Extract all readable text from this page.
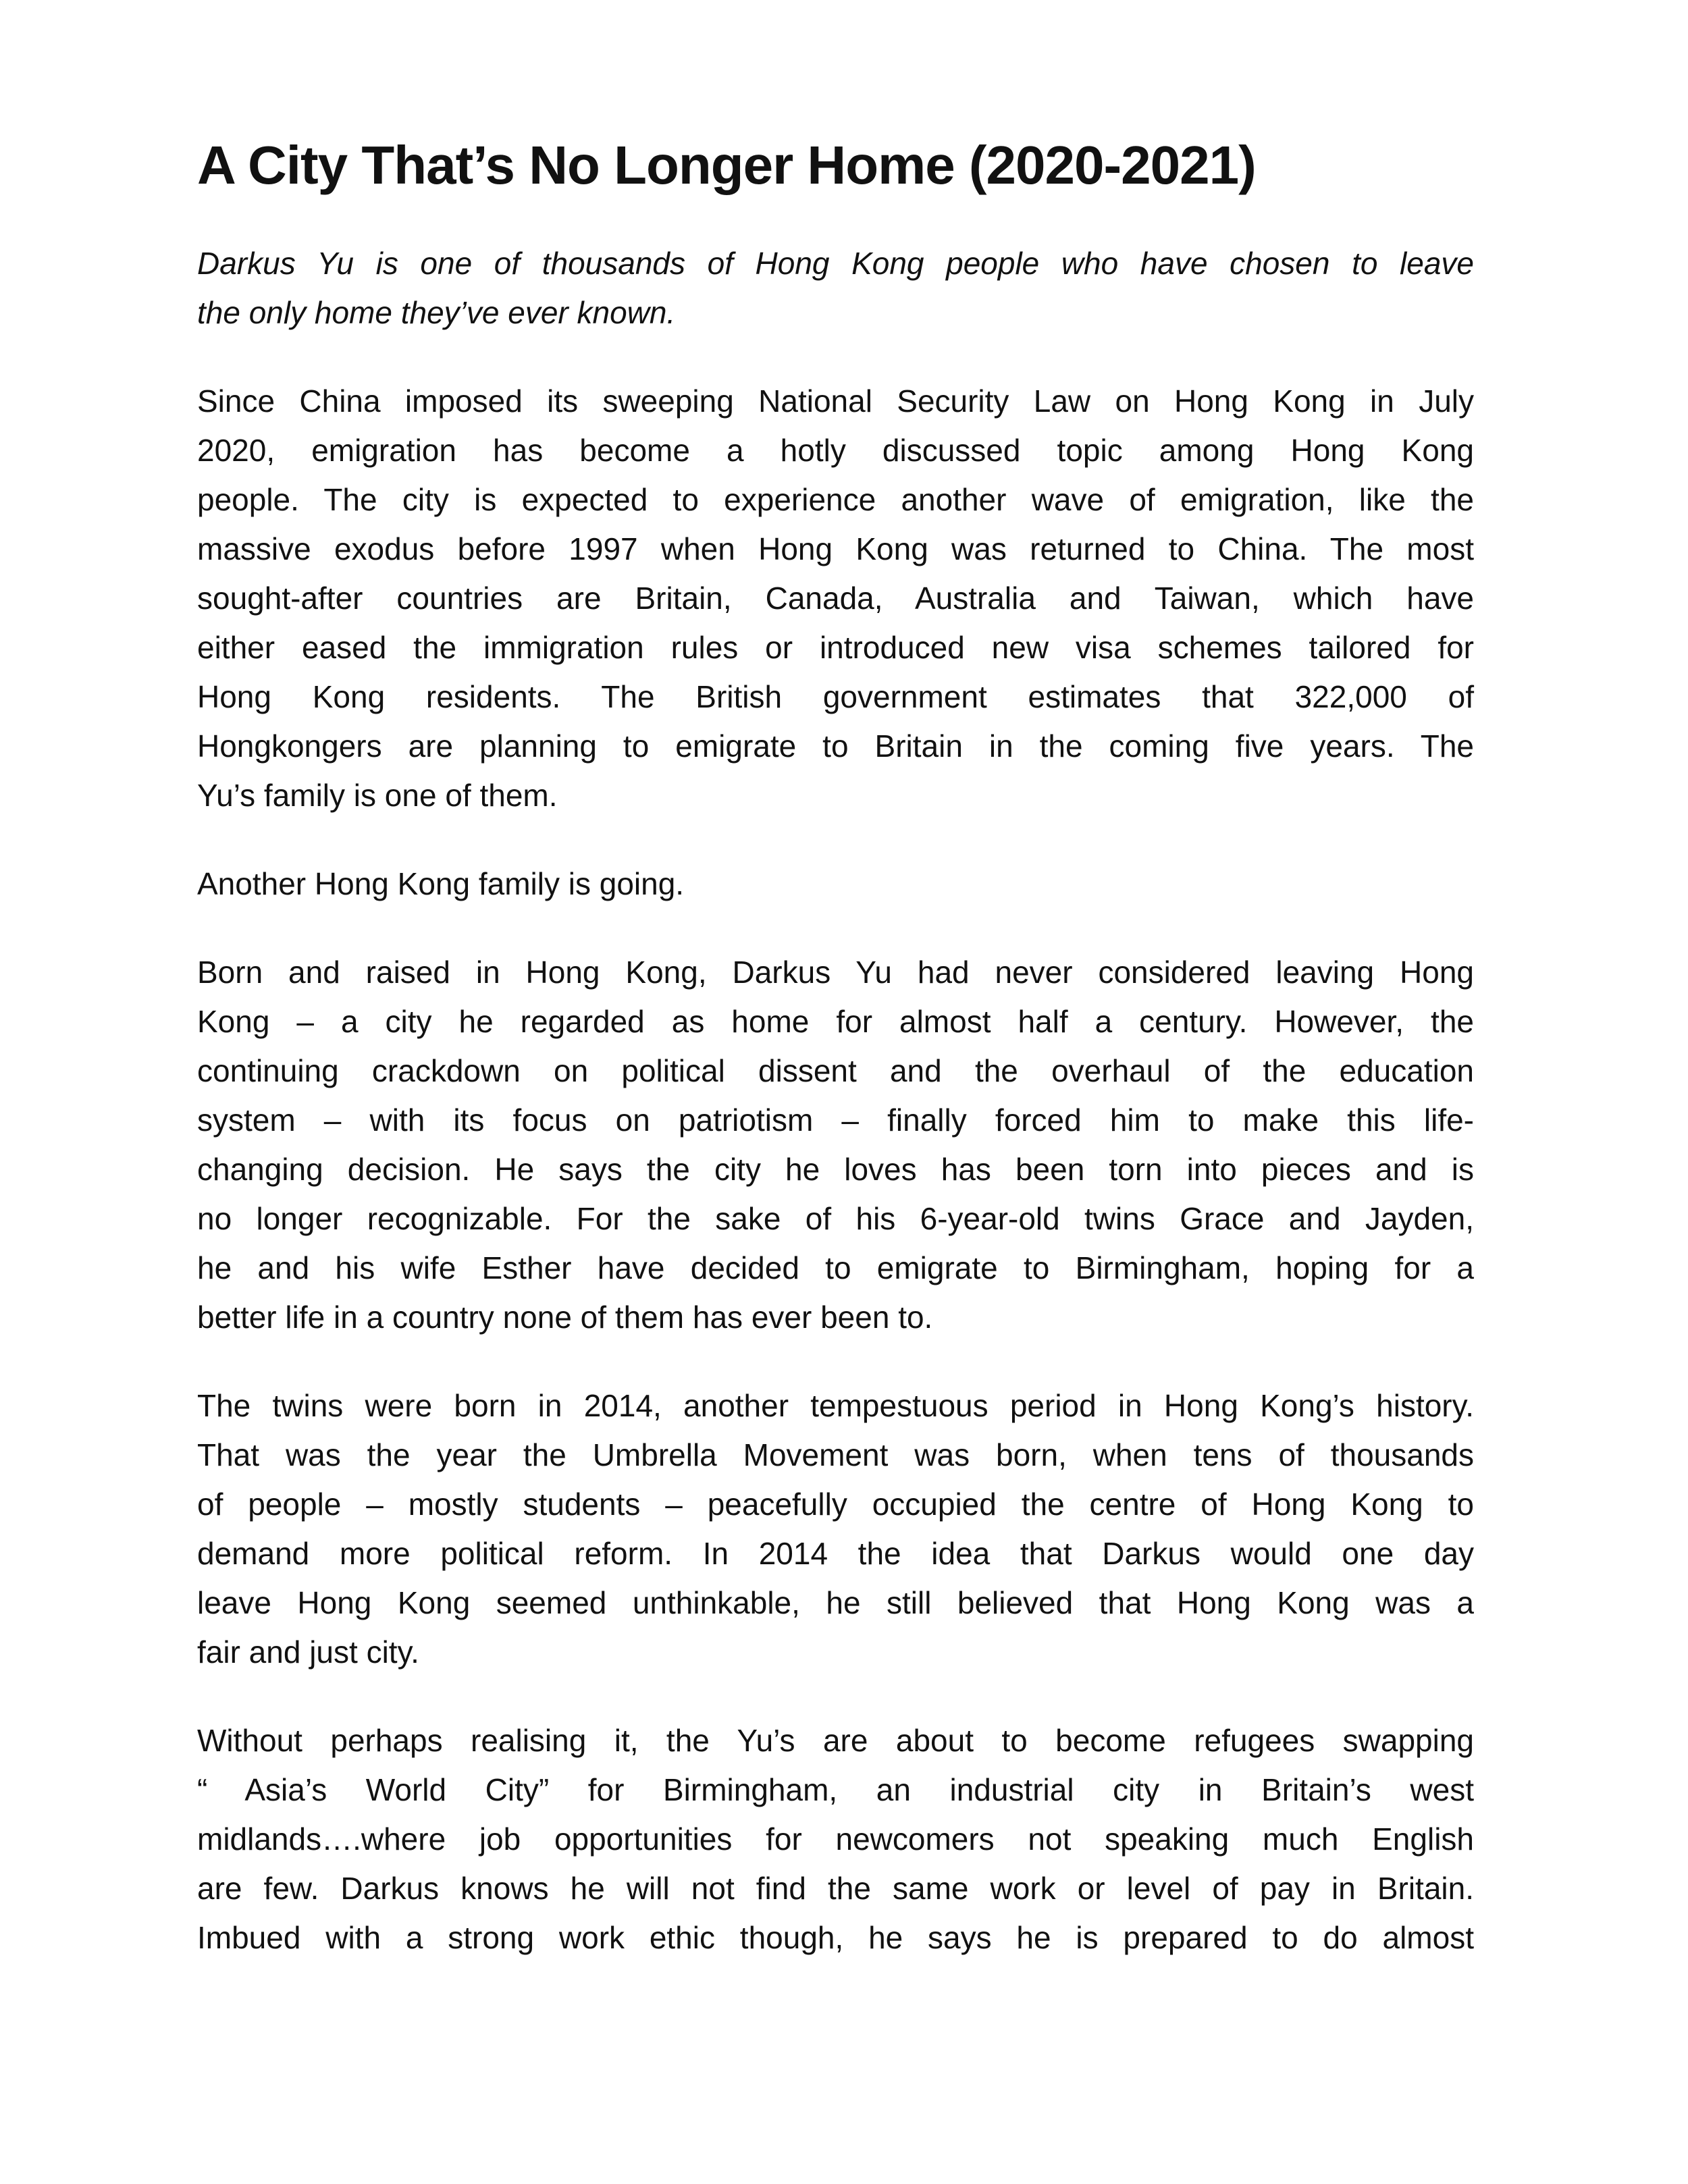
A City That’s No Longer Home (2020-2021)
Darkus Yu is one of thousands of Hong Kong people who have chosen to leave
the only home they’ve ever known.
Since China imposed its sweeping National Security Law on Hong Kong in July
2020, emigration has become a hotly discussed topic among Hong Kong
people. The city is expected to experience another wave of emigration, like the
massive exodus before 1997 when Hong Kong was returned to China. The most
sought-after countries are Britain, Canada, Australia and Taiwan, which have
either eased the immigration rules or introduced new visa schemes tailored for
Hong Kong residents. The British government estimates that 322,000 of
Hongkongers are planning to emigrate to Britain in the coming five years. The
Yu’s family is one of them.
Another Hong Kong family is going.
Born and raised in Hong Kong, Darkus Yu had never considered leaving Hong
Kong – a city he regarded as home for almost half a century. However, the
continuing crackdown on political dissent and the overhaul of the education
system – with its focus on patriotism – finally forced him to make this life-
changing decision. He says the city he loves has been torn into pieces and is
no longer recognizable. For the sake of his 6-year-old twins Grace and Jayden,
he and his wife Esther have decided to emigrate to Birmingham, hoping for a
better life in a country none of them has ever been to.
The twins were born in 2014, another tempestuous period in Hong Kong’s history.
That was the year the Umbrella Movement was born, when tens of thousands
of people – mostly students – peacefully occupied the centre of Hong Kong to
demand more political reform. In 2014 the idea that Darkus would one day
leave Hong Kong seemed unthinkable, he still believed that Hong Kong was a
fair and just city.
Without perhaps realising it, the Yu’s are about to become refugees swapping
“ Asia’s World City” for Birmingham, an industrial city in Britain’s west
midlands….where job opportunities for newcomers not speaking much English
are few. Darkus knows he will not find the same work or level of pay in Britain.
Imbued with a strong work ethic though, he says he is prepared to do almost
